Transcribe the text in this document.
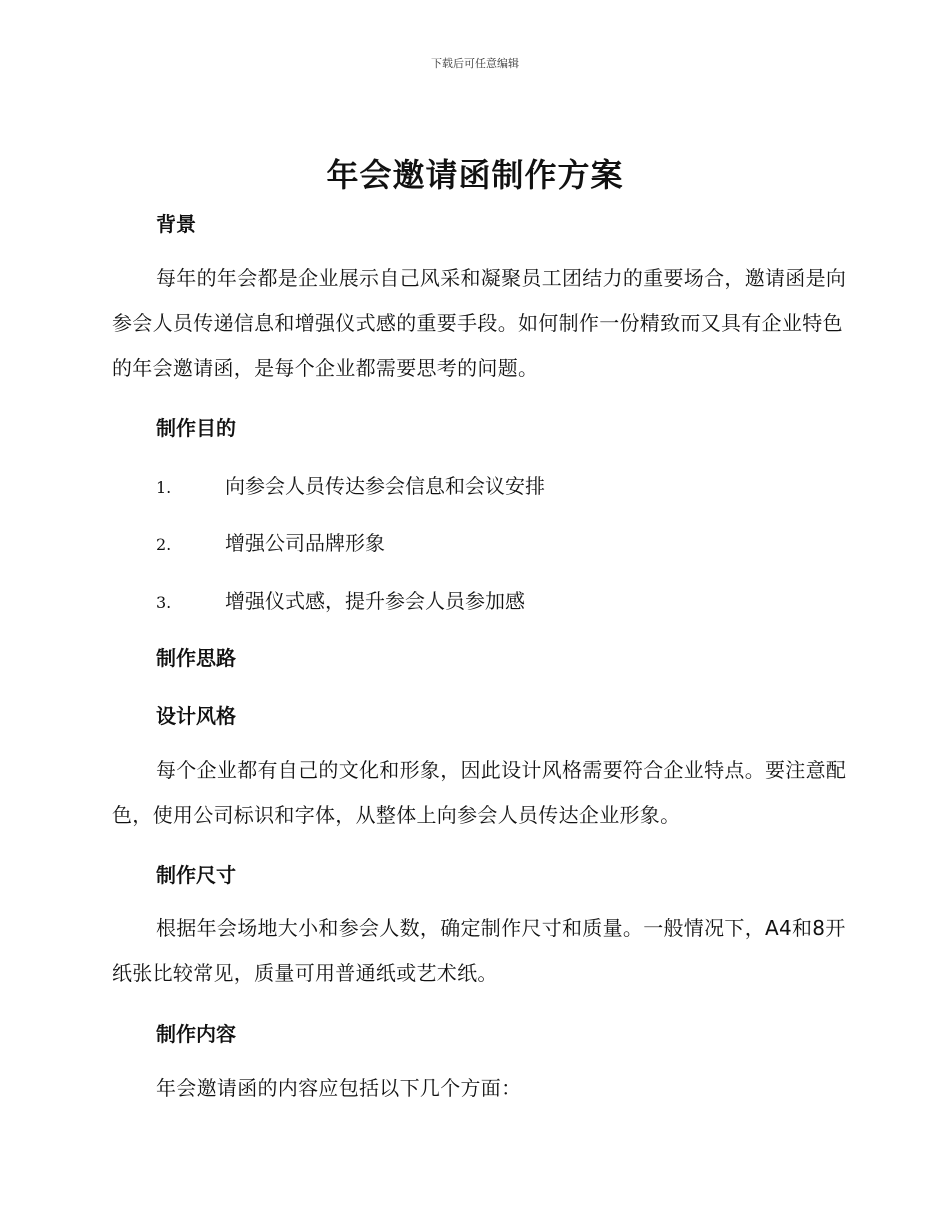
下载后可任意编辑
年会邀请函制作方案
背景
每年的年会都是企业展示自己风采和凝聚员工团结力的重要场合，邀请函是向参会人员传递信息和增强仪式感的重要手段。如何制作一份精致而又具有企业特色的年会邀请函，是每个企业都需要思考的问题。
制作目的
1.	向参会人员传达参会信息和会议安排
2.	增强公司品牌形象
3.	增强仪式感，提升参会人员参加感
制作思路
设计风格
每个企业都有自己的文化和形象，因此设计风格需要符合企业特点。要注意配色，使用公司标识和字体，从整体上向参会人员传达企业形象。
制作尺寸
根据年会场地大小和参会人数，确定制作尺寸和质量。一般情况下，A4和8开纸张比较常见，质量可用普通纸或艺术纸。
制作内容
年会邀请函的内容应包括以下几个方面：
